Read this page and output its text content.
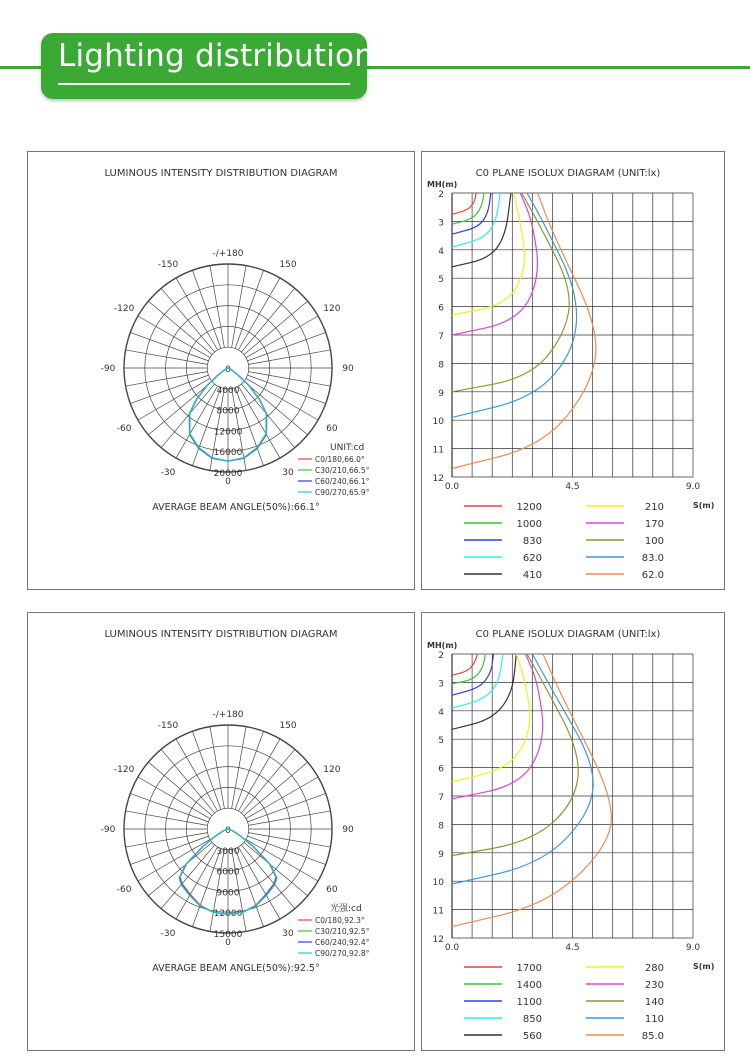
Lighting distribution
LUMINOUS INTENSITY DISTRIBUTION DIAGRAM
-/+180
-150	150
-120	120
-90	90
-60	60
-30	30
0
0
4000
8000
12000
16000
20000
UNIT:cd
C0/180,66.0°
C30/210,66.5°
C60/240,66.1°
C90/270,65.9°
AVERAGE BEAM ANGLE(50%):66.1°
C0 PLANE ISOLUX DIAGRAM (UNIT:lx)
MH(m)
2
3
4
5
6
7
8
9
10
11
12
0.0	4.5	9.0
S(m)
1200
1000
830
620
410
210
170
100
83.0
62.0
LUMINOUS INTENSITY DISTRIBUTION DIAGRAM
-/+180
-150	150
-120	120
-90	90
-60	60
-30	30
0
0
3000
6000
9000
12000
15000
光强:cd
C0/180,92.3°
C30/210,92.5°
C60/240,92.4°
C90/270,92.8°
AVERAGE BEAM ANGLE(50%):92.5°
C0 PLANE ISOLUX DIAGRAM (UNIT:lx)
MH(m)
2
3
4
5
6
7
8
9
10
11
12
0.0	4.5	9.0
S(m)
1700
1400
1100
850
560
280
230
140
110
85.0
